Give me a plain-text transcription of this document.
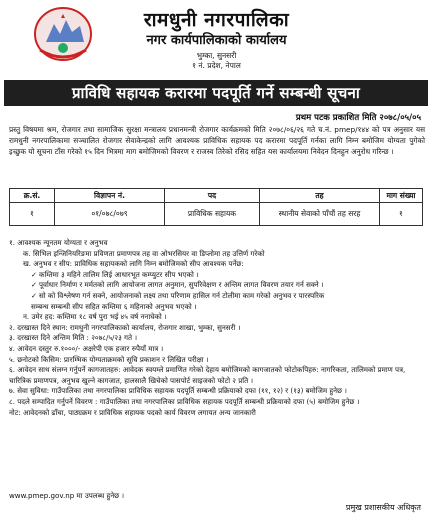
रामधुनी नगरपालिका
नगर कार्यपालिकाको कार्यालय
भुम्का, सुनसरी
१ नं. प्रदेश, नेपाल
प्राविधि सहायक करारमा पदपूर्ति गर्ने सम्बन्धी सूचना
प्रथम पटक प्रकाशित मिति २०७८/०५/०५
प्रस्तु विषयमा श्रम, रोजगार तथा सामाजिक सुरक्षा मन्त्रालय प्रधानमन्त्री रोजगार कार्यक्रमको मिति २०७८/०६/२६ गते च.नं. pmep/१४४ को पत्र अनुसार यस रामधुनी नगरपालिकामा सञ्चालित रोजगार सेवाकेन्द्रको लागि आवश्यक प्राविधिक सहायक पद करारमा पदपूर्ति गर्नका लागि निम्न बमोजिम योग्यता पुगेको इच्छुक यो सूचना टाँस गरेको १५ दिन भित्रमा माग बमोजिमको विवरण र राजस्व तिरेको रसिद सहित यस कार्यालयमा निवेदन दिनहुन अनुरोध गरिन्छ ।
क्र.सं.	विज्ञापन नं.	पद	तह	माग संख्या
१	०१/०७८/०७९	प्राविधिक सहायक	स्थानीय सेवाको पाँचौं तह सरह	१
१. आवश्यक न्यूनतम योग्यता र अनुभव
क. सिभिल इन्जिनियरिङमा प्रविणता प्रमाणपत्र तह वा ओभरसियर वा डिप्लोमा तह उत्तिर्ण गरेको
ख. अनुभव र सीप: प्राविधिक सहायकको लागि निम्न बमोजिमको सीप आवश्यक पर्नेछ:
✓ कम्तिमा ३ महिने तालिम लिई आधारभूत कम्प्युटर सीप भएको ।
✓ पूर्वाधार निर्माण र मर्मतको लागि आयोजना लागत अनुमान, सुपरिवेक्षण र अन्तिम लागत विवरण तयार गर्न सक्ने ।
✓ सो को विश्लेषण गर्न सक्ने, आयोजनाको लक्ष्य तथा परिणाम हासिल गर्न टोलीमा काम गरेको अनुभव र पारस्परिक
सम्बन्ध सम्बन्धी सीप सहित कम्तिमा ६ महिनाको अनुभव भएको ।
न. उमेर हद: कम्तिमा १८ वर्ष पुरा भई ४५ वर्ष ननाघेको ।
२. दरखास्त दिने स्थान: रामधुनी नगरपालिकाको कार्यालय, रोजगार शाखा, भुम्का, सुनसरी ।
३. दरखास्त दिने अन्तिम मिति : २०७८/५/२३ गते ।
४. आवेदन दस्तुर रु.१०००/- अक्षरेपी एक हजार रुपैयाँ मात्र ।
५. छनोटको किसिम: प्रारम्भिक योग्यताक्रमको सूचि प्रकाशन र लिखित परीक्षा ।
६. आवेदन साथ संलग्न गर्नुपर्ने कागजातहरु: आवेदक स्वयम्ले प्रमाणित गरेको देहाय बमोजिमको कागजातको फोटोकपिहरु: नागरिकता, तालिमको प्रमाण पत्र, चारित्रिक प्रमाणपत्र, अनुभव खुल्ने कागजात, हालसालै खिचेको पासपोर्ट साइजको फोटो २ प्रति ।
७. सेवा सुविधा: गाउँपालिका तथा नगरपालिका प्राविधिक सहायक पदपूर्ति सम्बन्धी प्रक्रियाको दफा (११, १२) र (१३) बमोजिम हुनेछ ।
८. पदले सम्पादित गर्नुपर्ने विवरण : गाउँपालिका तथा नगरपालिका प्राविधिक सहायक पदपूर्ति सम्बन्धी प्रक्रियाको दफा (५) बमोजिम हुनेछ ।
नोट: आवेदनको ढाँचा, पाठ्यक्रम र प्राविधिक सहायक पदको कार्य विवरण लगायत अन्य जानकारी
www.pmep.gov.np मा उपलब्ध हुनेछ ।
प्रमुख प्रशासकीय अधिकृत
